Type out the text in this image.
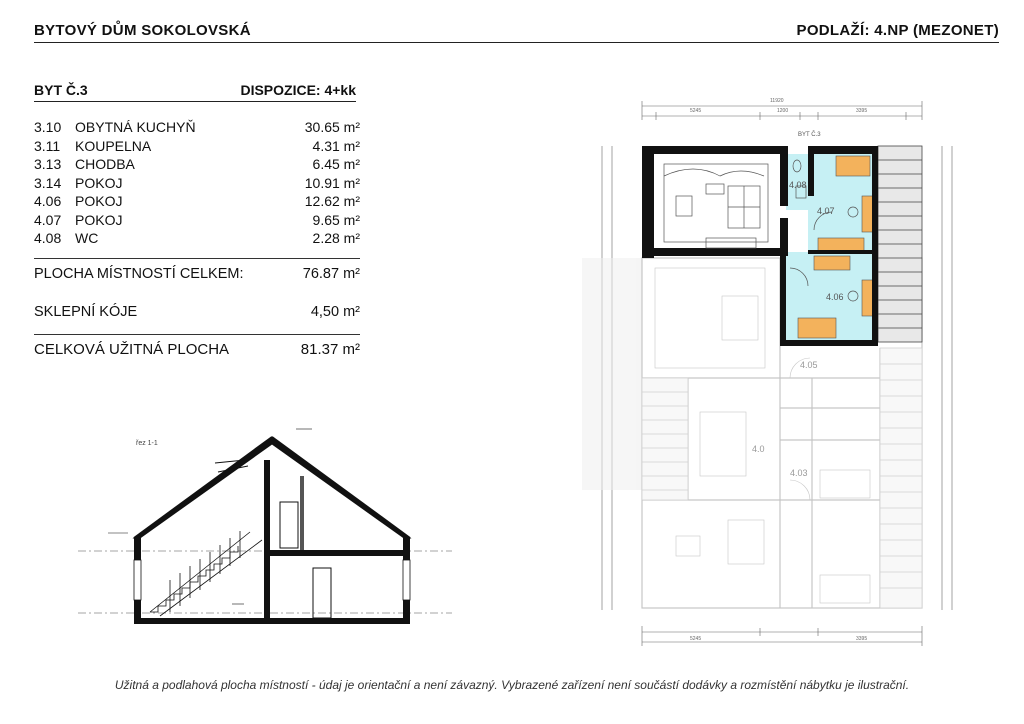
BYTOVÝ DŮM SOKOLOVSKÁ	PODLAŽÍ: 4.NP (MEZONET)
BYT Č.3	DISPOZICE: 4+kk
3.10 OBYTNÁ KUCHYŇ	30.65 m²
3.11 KOUPELNA	4.31 m²
3.13 CHODBA	6.45 m²
3.14 POKOJ	10.91 m²
4.06 POKOJ	12.62 m²
4.07 POKOJ	9.65 m²
4.08 WC	2.28 m²
PLOCHA MÍSTNOSTÍ CELKEM:	76.87 m²
SKLEPNÍ KÓJE	4,50 m²
CELKOVÁ UŽITNÁ PLOCHA	81.37 m²
řez 1-1
11920
5245	1200	3395
5245	3395
4.08
4.07
4.06
4.05
4.0
4.03
BYT Č.3
Užitná a podlahová plocha místností - údaj je orientační a není závazný. Vybrazené zařízení není součástí dodávky a rozmístění nábytku je ilustrační.
